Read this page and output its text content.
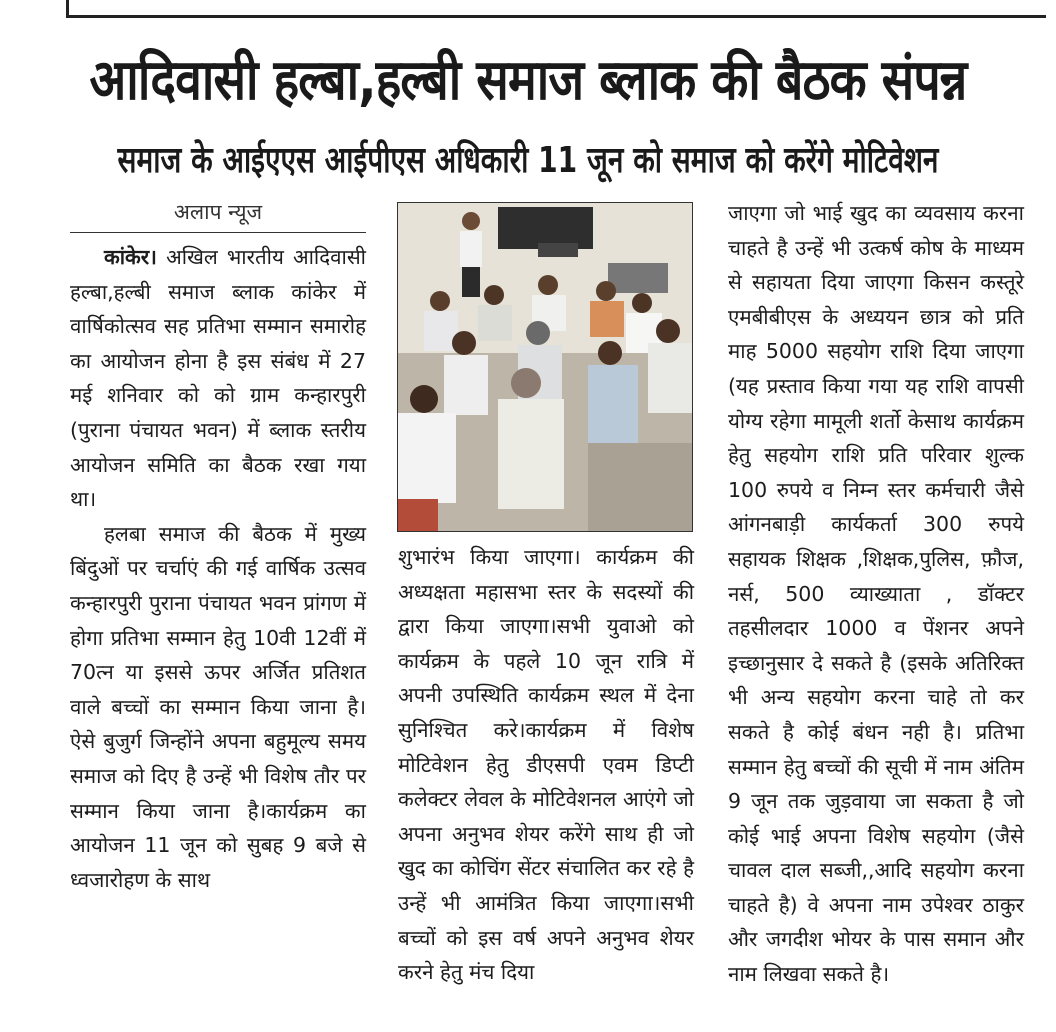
आदिवासी हल्बा,हल्बी समाज ब्लाक की बैठक संपन्न
समाज के आईएएस आईपीएस अधिकारी 11 जून को समाज को करेंगे मोटिवेशन
अलाप न्यूज

कांकेर। अखिल भारतीय आदिवासी हल्बा,हल्बी समाज ब्लाक कांकेर में वार्षिकोत्सव सह प्रतिभा सम्मान समारोह का आयोजन होना है इस संबंध में 27 मई शनिवार को को ग्राम कन्हारपुरी (पुराना पंचायत भवन) में ब्लाक स्तरीय आयोजन समिति का बैठक रखा गया था।

हलबा समाज की बैठक में मुख्य बिंदुओं पर चर्चाएं की गई वार्षिक उत्सव कन्हारपुरी पुराना पंचायत भवन प्रांगण में होगा प्रतिभा सम्मान हेतु 10वी 12वीं में 70त्न या इससे ऊपर अर्जित प्रतिशत वाले बच्चों का सम्मान किया जाना है। ऐसे बुजुर्ग जिन्होंने अपना बहुमूल्य समय समाज को दिए है उन्हें भी विशेष तौर पर सम्मान किया जाना है।कार्यक्रम का आयोजन 11 जून को सुबह 9 बजे से ध्वजारोहण के साथ

शुभारंभ किया जाएगा। कार्यक्रम की अध्यक्षता महासभा स्तर के सदस्यों की द्वारा किया जाएगा।सभी युवाओ को कार्यक्रम के पहले 10 जून रात्रि में अपनी उपस्थिति कार्यक्रम स्थल में देना सुनिश्चित करे।कार्यक्रम में विशेष मोटिवेशन हेतु डीएसपी एवम डिप्टी कलेक्टर लेवल के मोटिवेशनल आएंगे जो अपना अनुभव शेयर करेंगे साथ ही जो खुद का कोचिंग सेंटर संचालित कर रहे है उन्हें भी आमंत्रित किया जाएगा।सभी बच्चों को इस वर्ष अपने अनुभव शेयर करने हेतु मंच दिया

जाएगा जो भाई खुद का व्यवसाय करना चाहते है उन्हें भी उत्कर्ष कोष के माध्यम से सहायता दिया जाएगा किसन कस्तूरे एमबीबीएस के अध्ययन छात्र को प्रति माह 5000 सहयोग राशि दिया जाएगा (यह प्रस्ताव किया गया यह राशि वापसी योग्य रहेगा मामूली शर्तो केसाथ कार्यक्रम हेतु सहयोग राशि प्रति परिवार शुल्क 100 रुपये व निम्न स्तर कर्मचारी जैसे आंगनबाड़ी कार्यकर्ता 300 रुपये सहायक शिक्षक ,शिक्षक,पुलिस, फ़ौज, नर्स, 500 व्याख्याता , डॉक्टर तहसीलदार 1000 व पेंशनर अपने इच्छानुसार दे सकते है (इसके अतिरिक्त भी अन्य सहयोग करना चाहे तो कर सकते है कोई बंधन नही है। प्रतिभा सम्मान हेतु बच्चों की सूची में नाम अंतिम 9 जून तक जुड़वाया जा सकता है जो कोई भाई अपना विशेष सहयोग (जैसे चावल दाल सब्जी,,आदि सहयोग करना चाहते है) वे अपना नाम उपेश्वर ठाकुर और जगदीश भोयर के पास समान और नाम लिखवा सकते है।
